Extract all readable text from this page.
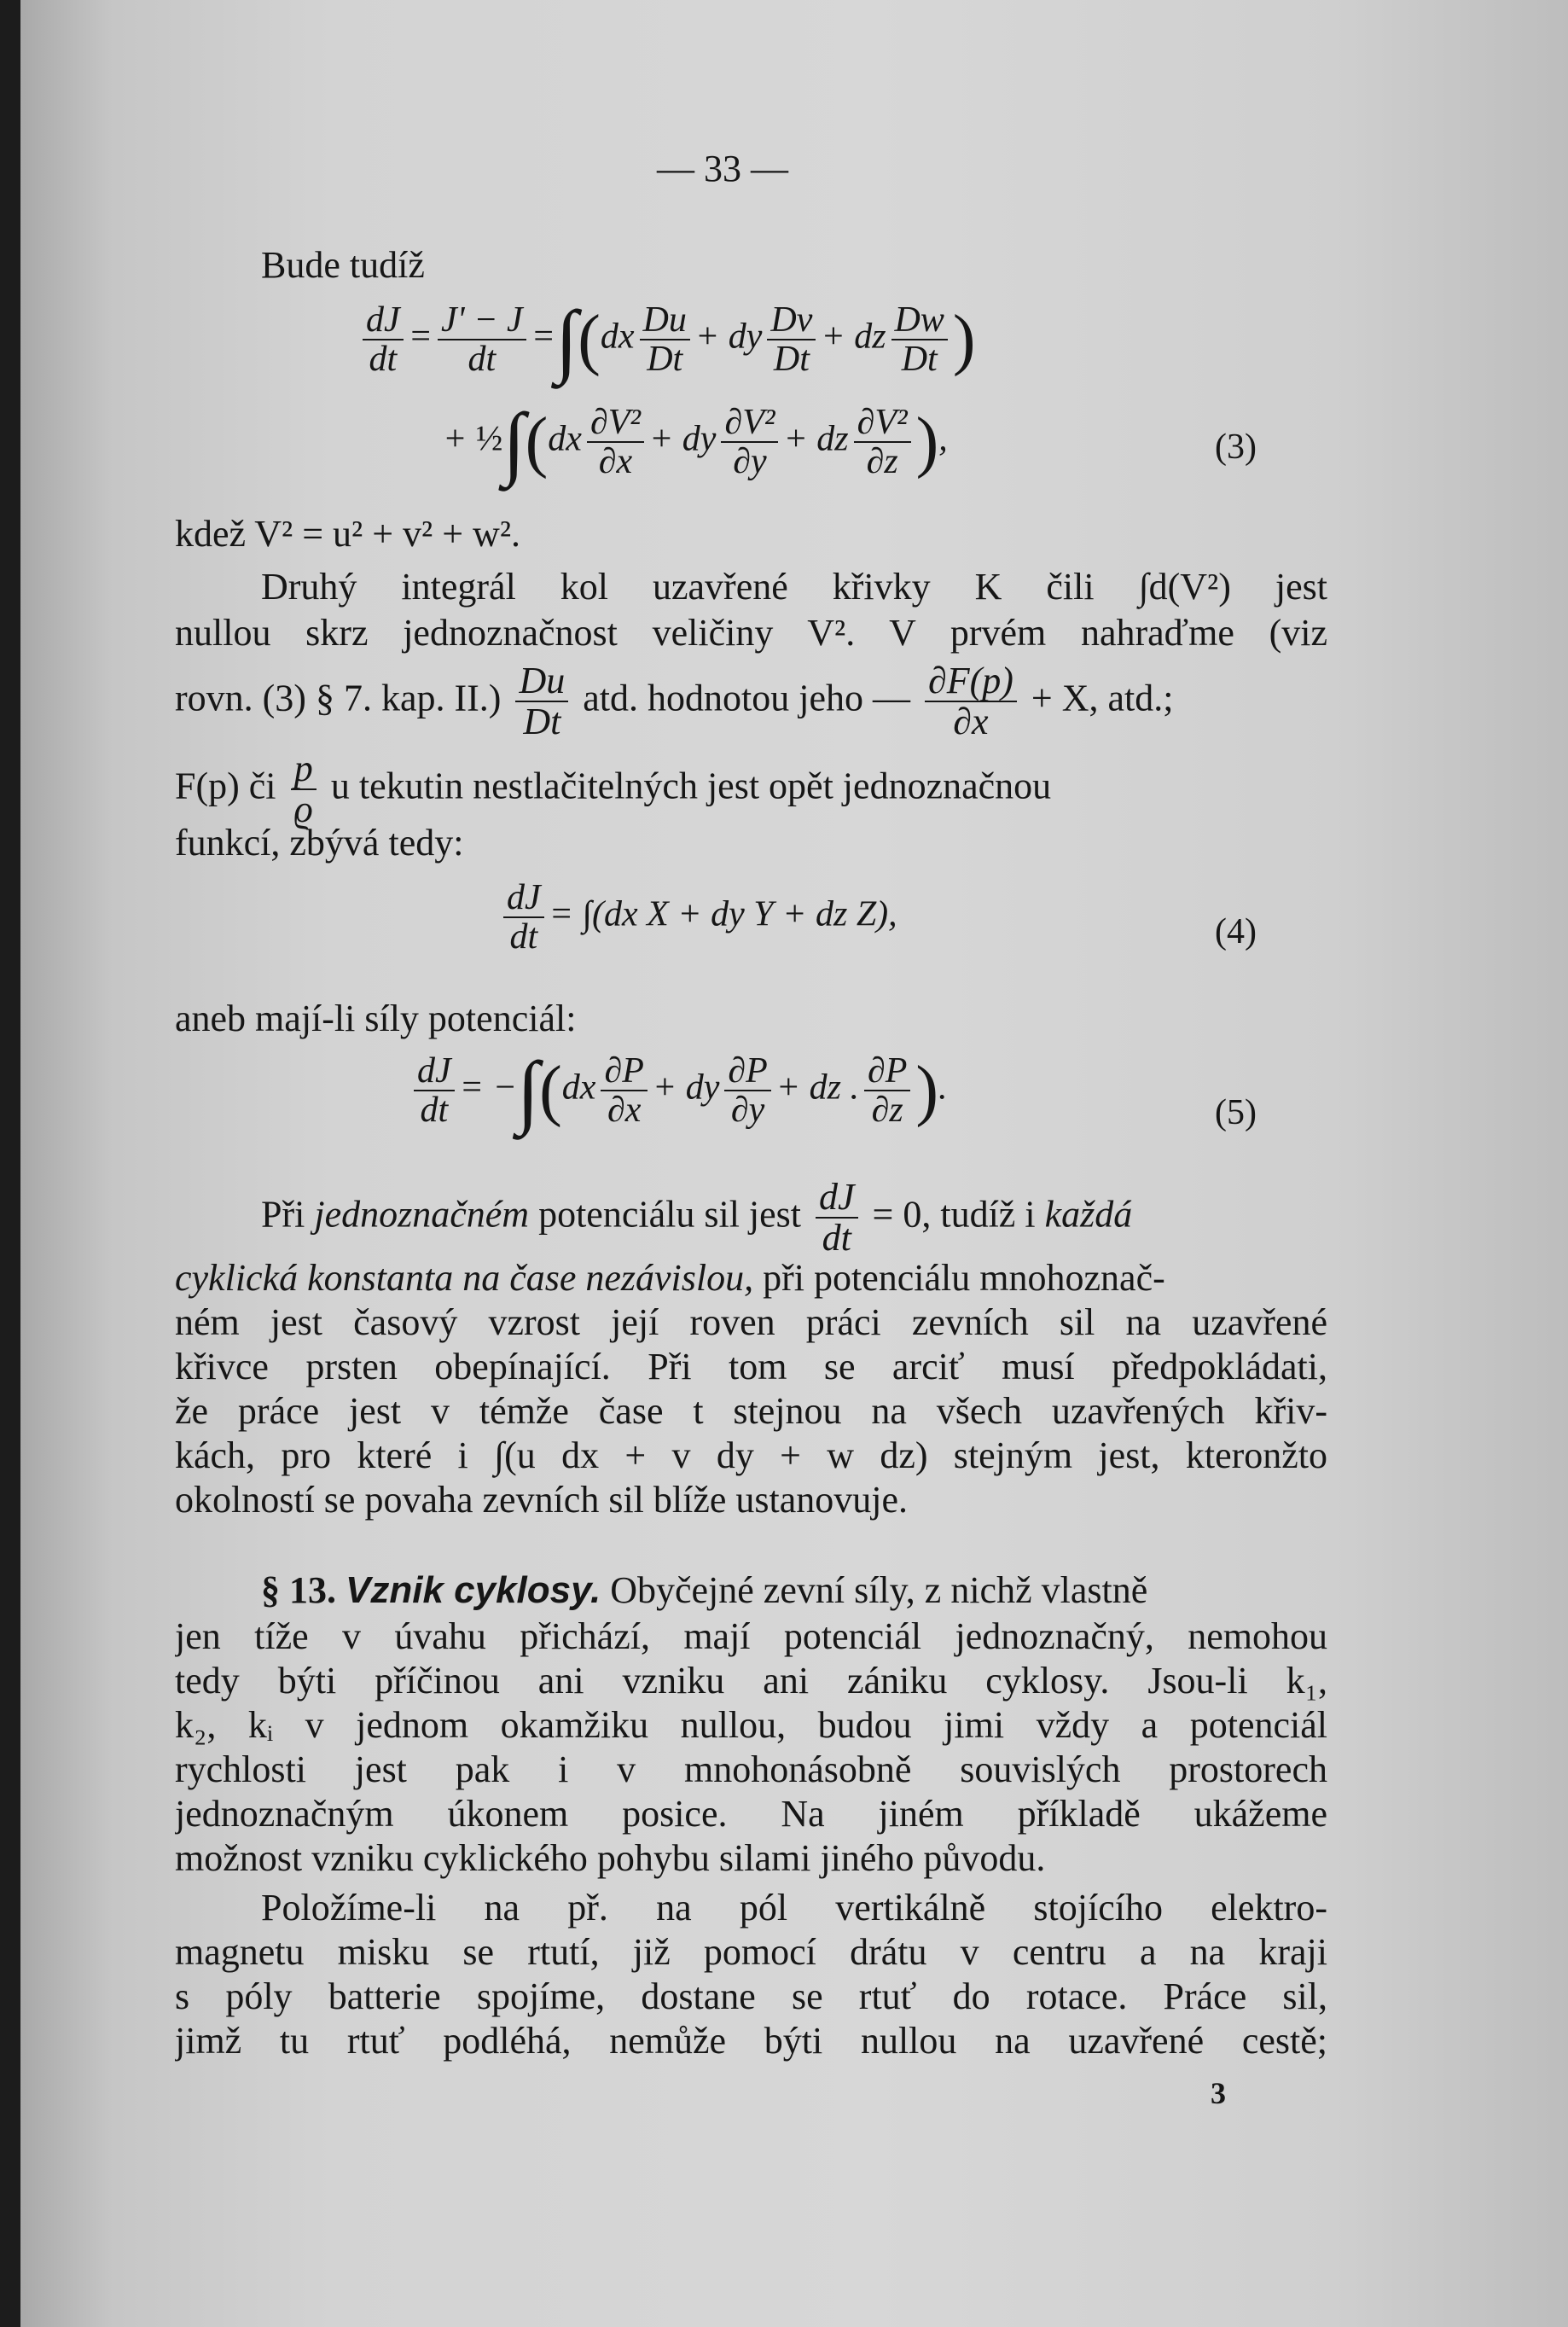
— 33 —
Bude tudíž
$\frac{dJ}{dt} = \frac{J' - J}{dt} =\int(dx \frac{Du}{Dt}$ + dy $\frac{Dv}{Dt}$ + dz $\frac{Dw}{Dt}$ )
+ ½∫(dx $\frac{\text{∂V²}}{\partial x}$ + dy $\frac{\text{∂V²}}{\partial y}$ + dz $\frac{\text{∂V²}}{\partial z}$ ),	(3)
kdež V² = u² + v² + w².
Druhý integrál kol uzavřené křivky K čili ∫d(V²) jest
nullou skrz jednoznačnost veličiny V². V prvém nahraďme (viz
rovn. (3) § 7. kap. $II.) \frac{Du}{Dt}$ atd. hodnotou jeho — $\frac{\partial F(p)}{\partial x} + X$, atd.;
F(p) či $\frac{p}{ϱ}$ u tekutin nestlačitelných jest opět jednoznačnou
funkcí, zbývá tedy:
$\frac{dJ}{dt} = \int(dx$ X + dy Y + dz Z),	(4)
aneb mají-li síly potenciál:
$\frac{dJ}{dt} = -\int(dx \frac{\partial P}{\partial x}$ + dy $\frac{\partial P}{\partial y}$ + dz . $\frac{\partial P}{\partial z}$ ).
(5)
Při jednoznačném potenciálu sil jest $\frac{dJ}{dt} = 0$, tudíž i každá
cyklická konstanta na čase nezávislou, při potenciálu mnohoznač-
ném jest časový vzrost její roven práci zevních sil na uzavřené
křivce prsten obepínající. Při tom se arciť musí předpokládati,
že práce jest v témže čase t stejnou na všech uzavřených křiv-
kách, pro které i ∫(u dx + v dy + w dz) stejným jest, kteronžto
okolností se povaha zevních sil blíže ustanovuje.
§ 13. Vznik cyklosy. Obyčejné zevní síly, z nichž vlastně
jen tíže v úvahu přichází, mají potenciál jednoznačný, nemohou
tedy býti příčinou ani vzniku ani zániku cyklosy. Jsou-li k₁,
k₂, kᵢ v jednom okamžiku nullou, budou jimi vždy a potenciál
rychlosti jest pak i v mnohonásobně souvislých prostorech
jednoznačným úkonem posice. Na jiném příkladě ukážeme
možnost vzniku cyklického pohybu silami jiného původu.
Položíme-li na př. na pól vertikálně stojícího elektro-
magnetu misku se rtutí, již pomocí drátu v centru a na kraji
s póly batterie spojíme, dostane se rtuť do rotace. Práce sil,
jimž tu rtuť podléhá, nemůže býti nullou na uzavřené cestě;
3
